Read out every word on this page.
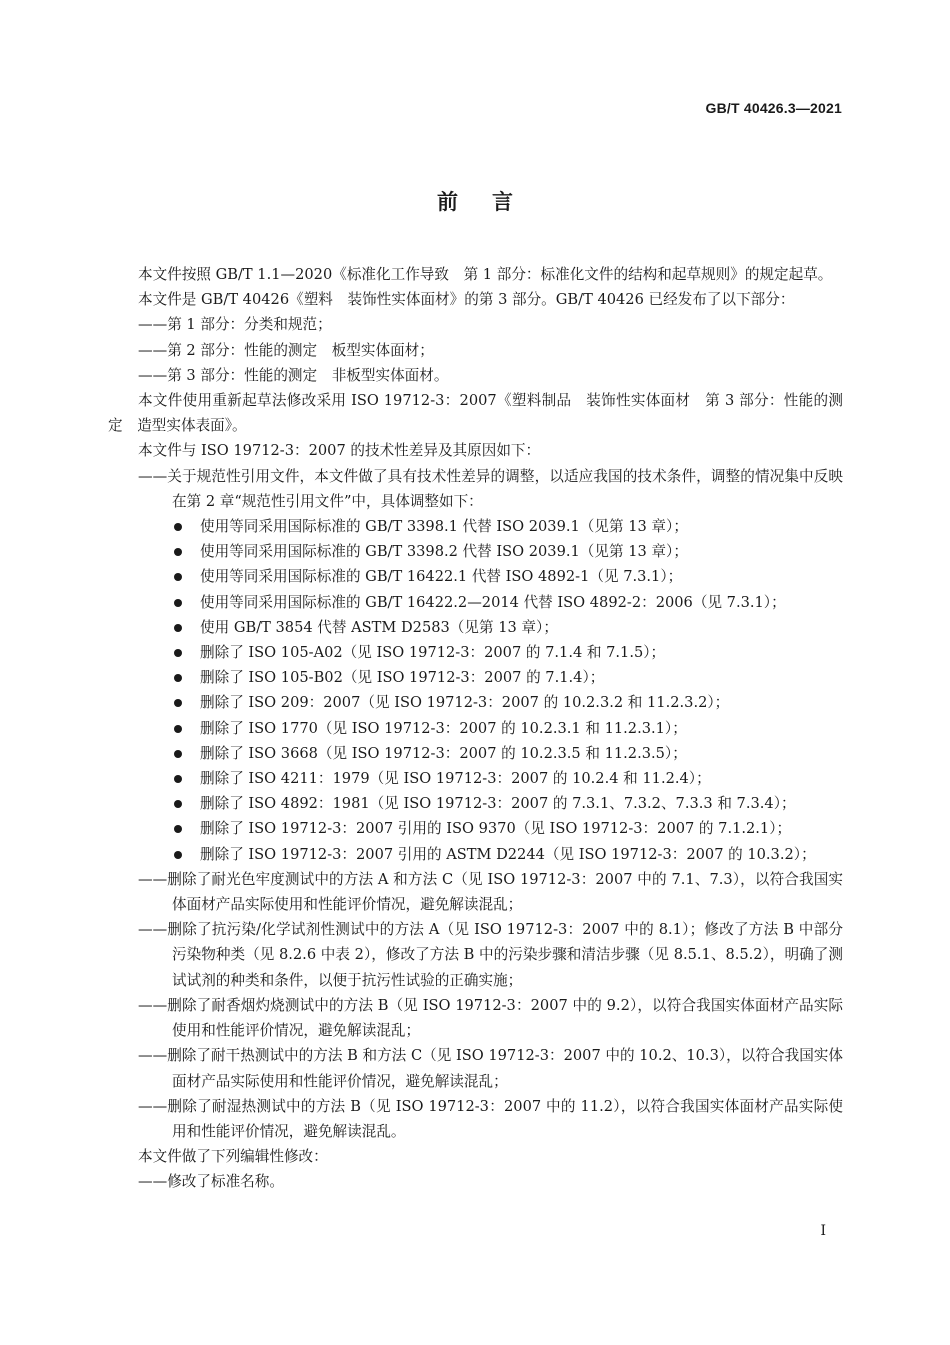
GB/T 40426.3—2021
前言

本文件按照 GB/T 1.1—2020《标准化工作导致　第 1 部分：标准化文件的结构和起草规则》的规定起草。

本文件是 GB/T 40426《塑料　装饰性实体面材》的第 3 部分。GB/T 40426 已经发布了以下部分：

——第 1 部分：分类和规范；

——第 2 部分：性能的测定　板型实体面材；

——第 3 部分：性能的测定　非板型实体面材。

本文件使用重新起草法修改采用 ISO 19712-3：2007《塑料制品　装饰性实体面材　第 3 部分：性能的测定　造型实体表面》。

本文件与 ISO 19712-3：2007 的技术性差异及其原因如下：

——关于规范性引用文件，本文件做了具有技术性差异的调整，以适应我国的技术条件，调整的情况集中反映在第 2 章“规范性引用文件”中，具体调整如下：

使用等同采用国际标准的 GB/T 3398.1 代替 ISO 2039.1（见第 13 章）；
使用等同采用国际标准的 GB/T 3398.2 代替 ISO 2039.1（见第 13 章）；
使用等同采用国际标准的 GB/T 16422.1 代替 ISO 4892-1（见 7.3.1）；
使用等同采用国际标准的 GB/T 16422.2—2014 代替 ISO 4892-2：2006（见 7.3.1）；
使用 GB/T 3854 代替 ASTM D2583（见第 13 章）；
删除了 ISO 105-A02（见 ISO 19712-3：2007 的 7.1.4 和 7.1.5）；
删除了 ISO 105-B02（见 ISO 19712-3：2007 的 7.1.4）；
删除了 ISO 209：2007（见 ISO 19712-3：2007 的 10.2.3.2 和 11.2.3.2）；
删除了 ISO 1770（见 ISO 19712-3：2007 的 10.2.3.1 和 11.2.3.1）；
删除了 ISO 3668（见 ISO 19712-3：2007 的 10.2.3.5 和 11.2.3.5）；
删除了 ISO 4211：1979（见 ISO 19712-3：2007 的 10.2.4 和 11.2.4）；
删除了 ISO 4892：1981（见 ISO 19712-3：2007 的 7.3.1、7.3.2、7.3.3 和 7.3.4）；
删除了 ISO 19712-3：2007 引用的 ISO 9370（见 ISO 19712-3：2007 的 7.1.2.1）；
删除了 ISO 19712-3：2007 引用的 ASTM D2244（见 ISO 19712-3：2007 的 10.3.2）；

——删除了耐光色牢度测试中的方法 A 和方法 C（见 ISO 19712-3：2007 中的 7.1、7.3），以符合我国实体面材产品实际使用和性能评价情况，避免解读混乱；

——删除了抗污染/化学试剂性测试中的方法 A（见 ISO 19712-3：2007 中的 8.1）；修改了方法 B 中部分污染物种类（见 8.2.6 中表 2），修改了方法 B 中的污染步骤和清洁步骤（见 8.5.1、8.5.2），明确了测试试剂的种类和条件，以便于抗污性试验的正确实施；

——删除了耐香烟灼烧测试中的方法 B（见 ISO 19712-3：2007 中的 9.2），以符合我国实体面材产品实际使用和性能评价情况，避免解读混乱；

——删除了耐干热测试中的方法 B 和方法 C（见 ISO 19712-3：2007 中的 10.2、10.3），以符合我国实体面材产品实际使用和性能评价情况，避免解读混乱；

——删除了耐湿热测试中的方法 B（见 ISO 19712-3：2007 中的 11.2），以符合我国实体面材产品实际使用和性能评价情况，避免解读混乱。

本文件做了下列编辑性修改：

——修改了标准名称。

I
